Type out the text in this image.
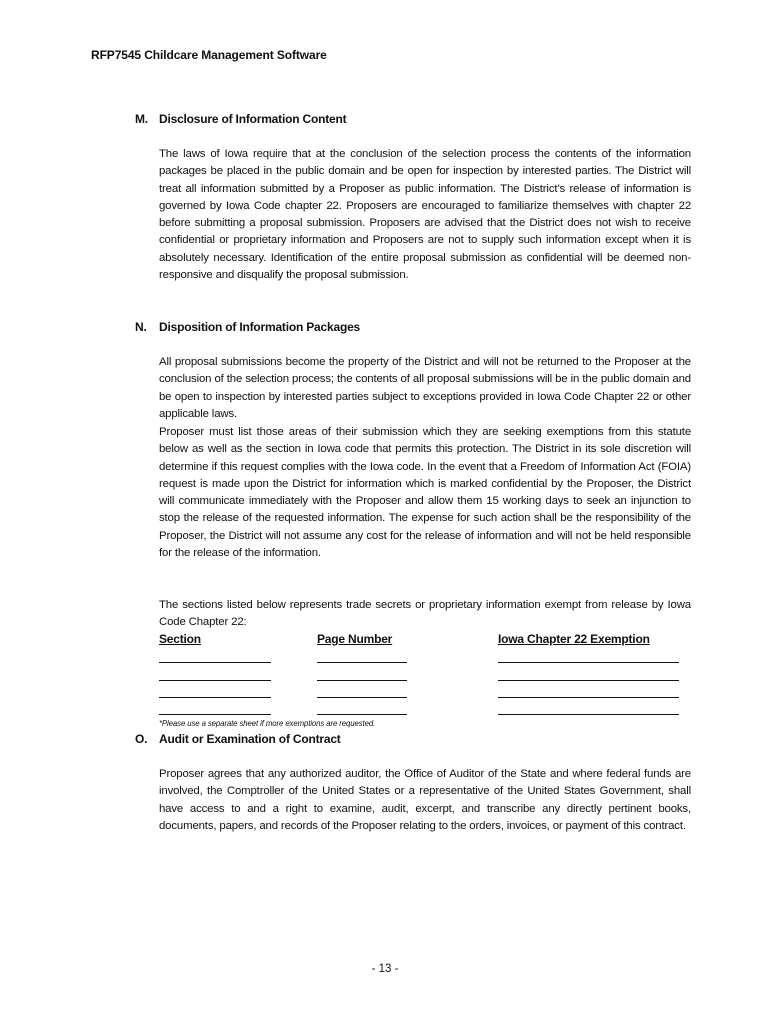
RFP7545 Childcare Management Software
M. Disclosure of Information Content
The laws of Iowa require that at the conclusion of the selection process the contents of the information packages be placed in the public domain and be open for inspection by interested parties. The District will treat all information submitted by a Proposer as public information. The District’s release of information is governed by Iowa Code chapter 22. Proposers are encouraged to familiarize themselves with chapter 22 before submitting a proposal submission. Proposers are advised that the District does not wish to receive confidential or proprietary information and Proposers are not to supply such information except when it is absolutely necessary. Identification of the entire proposal submission as confidential will be deemed non-responsive and disqualify the proposal submission.
N. Disposition of Information Packages
All proposal submissions become the property of the District and will not be returned to the Proposer at the conclusion of the selection process; the contents of all proposal submissions will be in the public domain and be open to inspection by interested parties subject to exceptions provided in Iowa Code Chapter 22 or other applicable laws.
Proposer must list those areas of their submission which they are seeking exemptions from this statute below as well as the section in Iowa code that permits this protection. The District in its sole discretion will determine if this request complies with the Iowa code. In the event that a Freedom of Information Act (FOIA) request is made upon the District for information which is marked confidential by the Proposer, the District will communicate immediately with the Proposer and allow them 15 working days to seek an injunction to stop the release of the requested information. The expense for such action shall be the responsibility of the Proposer, the District will not assume any cost for the release of information and will not be held responsible for the release of the information.
The sections listed below represents trade secrets or proprietary information exempt from release by Iowa Code Chapter 22:
Section	Page Number	Iowa Chapter 22 Exemption
*Please use a separate sheet if more exemptions are requested.
O. Audit or Examination of Contract
Proposer agrees that any authorized auditor, the Office of Auditor of the State and where federal funds are involved, the Comptroller of the United States or a representative of the United States Government, shall have access to and a right to examine, audit, excerpt, and transcribe any directly pertinent books, documents, papers, and records of the Proposer relating to the orders, invoices, or payment of this contract.
- 13 -
